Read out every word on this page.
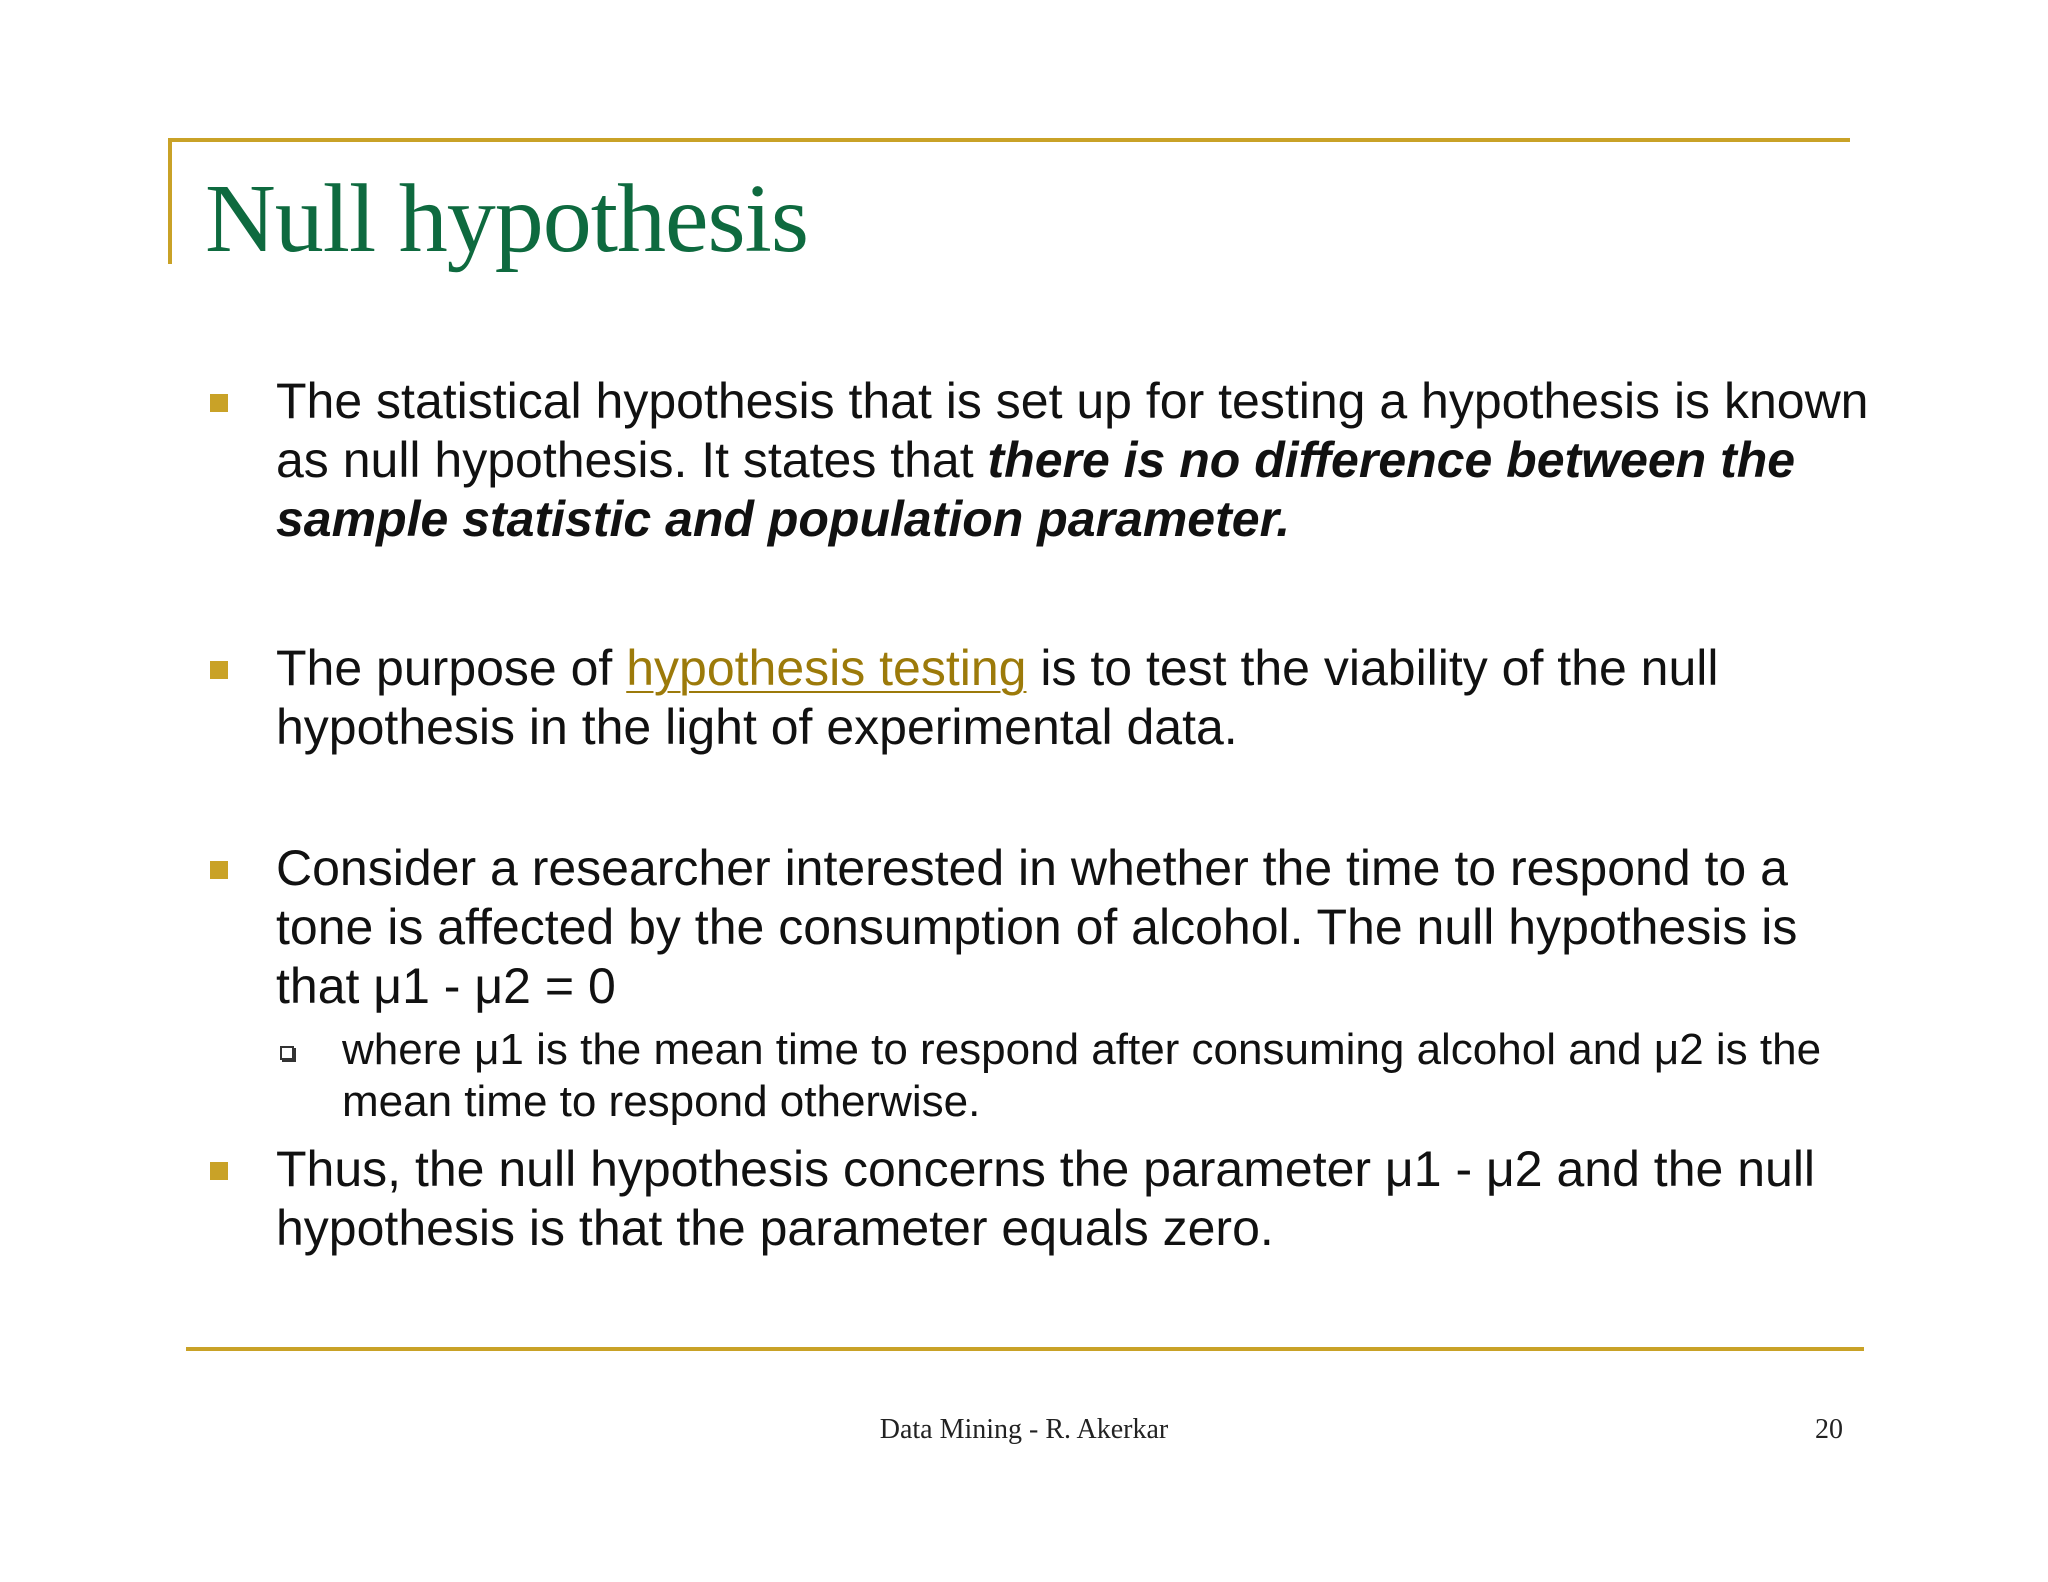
Null hypothesis
The statistical hypothesis that is set up for testing a hypothesis is known as null hypothesis. It states that there is no difference between the sample statistic and population parameter.
The purpose of hypothesis testing is to test the viability of the null hypothesis in the light of experimental data.
Consider a researcher interested in whether the time to respond to a tone is affected by the consumption of alcohol. The null hypothesis is that μ1 - μ2 = 0
where μ1 is the mean time to respond after consuming alcohol and μ2 is the mean time to respond otherwise.
Thus, the null hypothesis concerns the parameter μ1 - μ2 and the null hypothesis is that the parameter equals zero.
Data Mining - R. Akerkar	20
